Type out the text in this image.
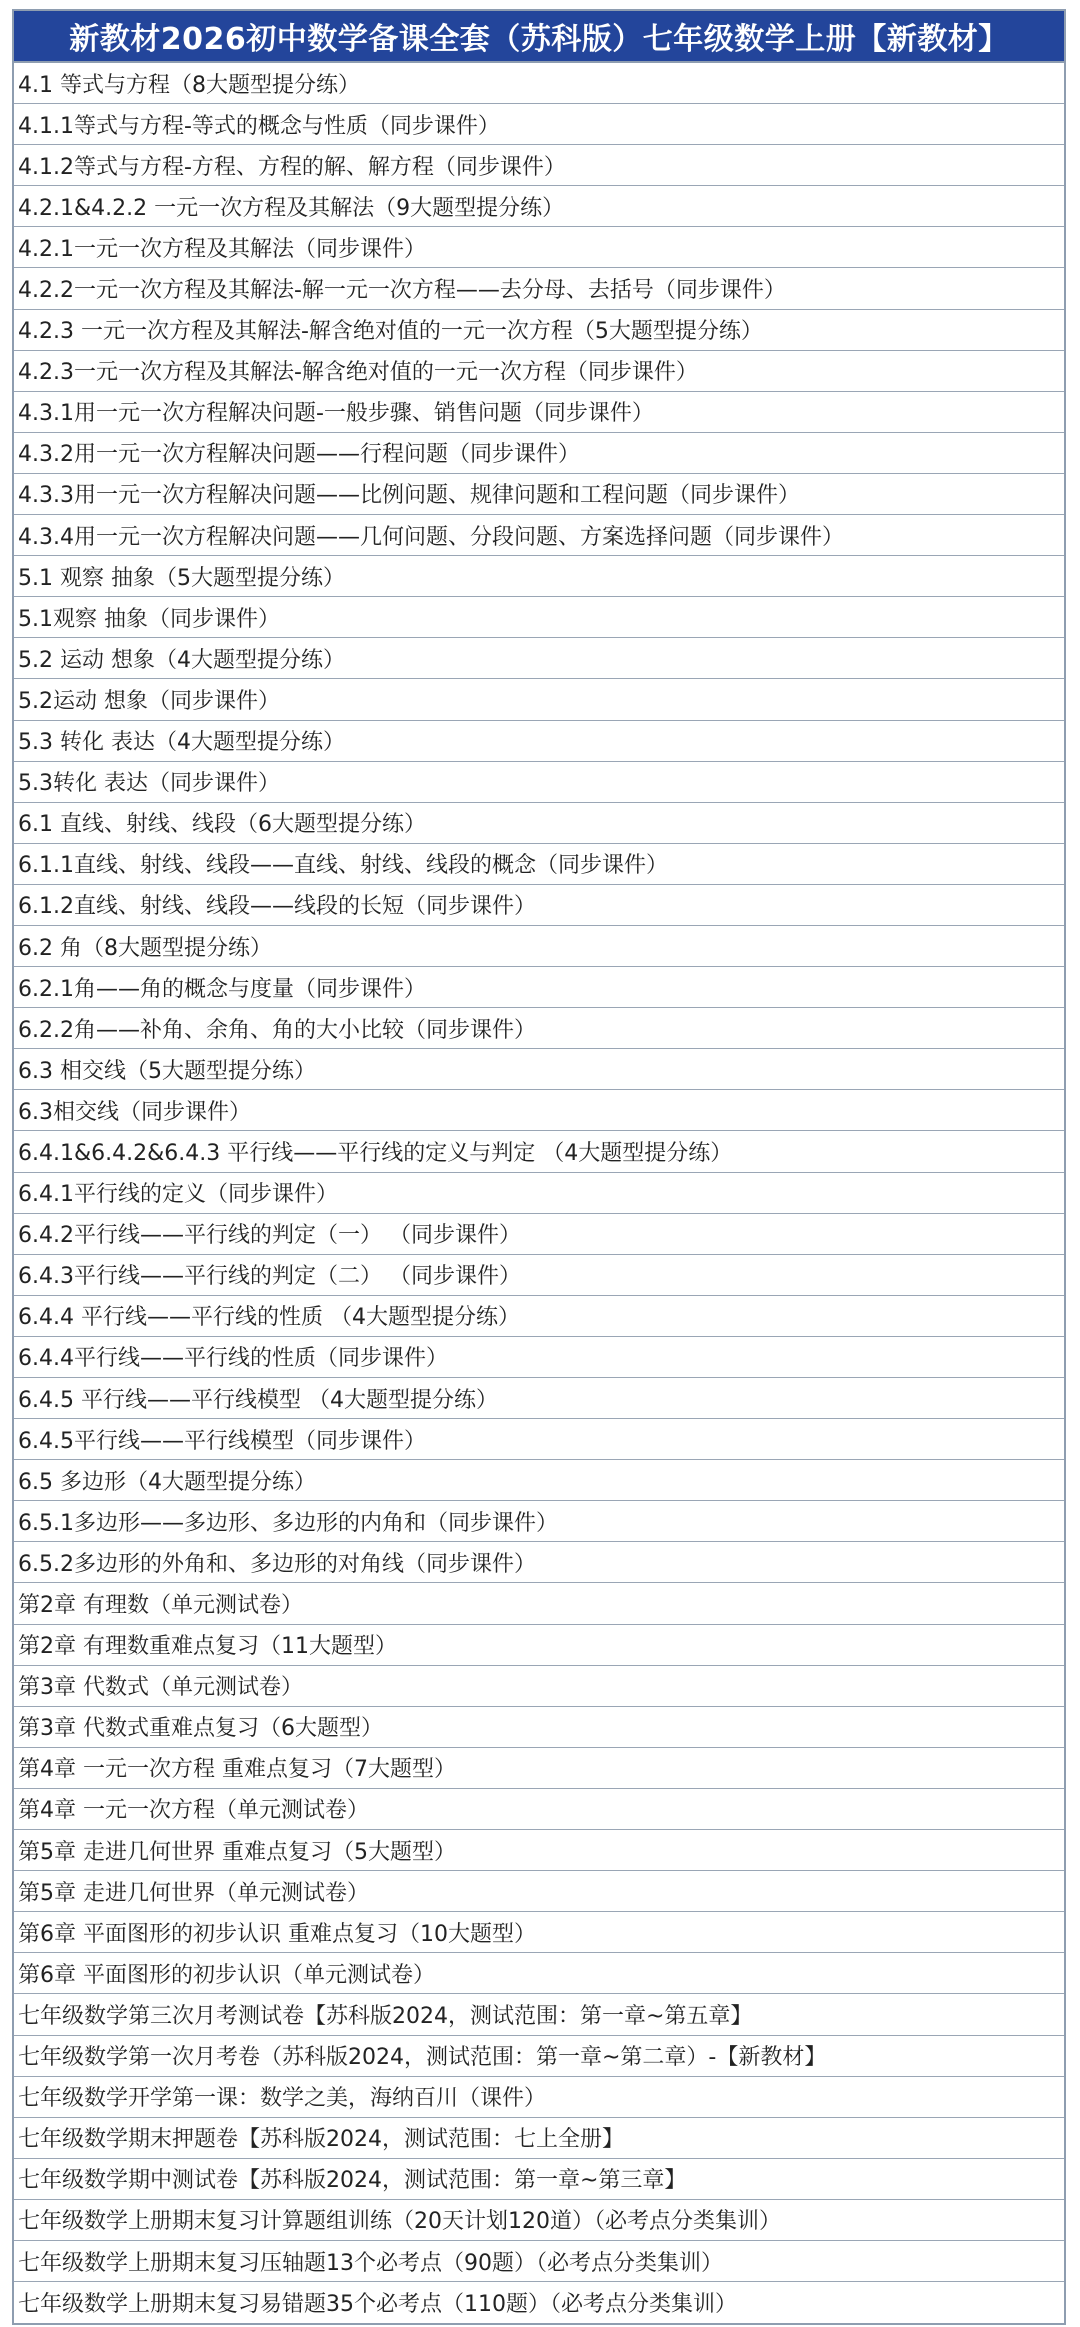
新教材2026初中数学备课全套（苏科版）七年级数学上册【新教材】
4.1 等式与方程（8大题型提分练）
4.1.1等式与方程-等式的概念与性质（同步课件）
4.1.2等式与方程-方程、方程的解、解方程（同步课件）
4.2.1&4.2.2 一元一次方程及其解法（9大题型提分练）
4.2.1一元一次方程及其解法（同步课件）
4.2.2一元一次方程及其解法-解一元一次方程——去分母、去括号（同步课件）
4.2.3 一元一次方程及其解法-解含绝对值的一元一次方程（5大题型提分练）
4.2.3一元一次方程及其解法-解含绝对值的一元一次方程（同步课件）
4.3.1用一元一次方程解决问题-一般步骤、销售问题（同步课件）
4.3.2用一元一次方程解决问题——行程问题（同步课件）
4.3.3用一元一次方程解决问题——比例问题、规律问题和工程问题（同步课件）
4.3.4用一元一次方程解决问题——几何问题、分段问题、方案选择问题（同步课件）
5.1 观察 抽象（5大题型提分练）
5.1观察 抽象（同步课件）
5.2 运动 想象（4大题型提分练）
5.2运动 想象（同步课件）
5.3 转化 表达（4大题型提分练）
5.3转化 表达（同步课件）
6.1 直线、射线、线段（6大题型提分练）
6.1.1直线、射线、线段——直线、射线、线段的概念（同步课件）
6.1.2直线、射线、线段——线段的长短（同步课件）
6.2 角（8大题型提分练）
6.2.1角——角的概念与度量（同步课件）
6.2.2角——补角、余角、角的大小比较（同步课件）
6.3 相交线（5大题型提分练）
6.3相交线（同步课件）
6.4.1&6.4.2&6.4.3 平行线——平行线的定义与判定 （4大题型提分练）
6.4.1平行线的定义（同步课件）
6.4.2平行线——平行线的判定（一） （同步课件）
6.4.3平行线——平行线的判定（二） （同步课件）
6.4.4 平行线——平行线的性质 （4大题型提分练）
6.4.4平行线——平行线的性质（同步课件）
6.4.5 平行线——平行线模型 （4大题型提分练）
6.4.5平行线——平行线模型（同步课件）
6.5 多边形（4大题型提分练）
6.5.1多边形——多边形、多边形的内角和（同步课件）
6.5.2多边形的外角和、多边形的对角线（同步课件）
第2章 有理数（单元测试卷）
第2章 有理数重难点复习（11大题型）
第3章 代数式（单元测试卷）
第3章 代数式重难点复习（6大题型）
第4章 一元一次方程 重难点复习（7大题型）
第4章 一元一次方程（单元测试卷）
第5章 走进几何世界 重难点复习（5大题型）
第5章 走进几何世界（单元测试卷）
第6章 平面图形的初步认识 重难点复习（10大题型）
第6章 平面图形的初步认识（单元测试卷）
七年级数学第三次月考测试卷【苏科版2024，测试范围：第一章~第五章】
七年级数学第一次月考卷（苏科版2024，测试范围：第一章~第二章）-【新教材】
七年级数学开学第一课：数学之美，海纳百川（课件）
七年级数学期末押题卷【苏科版2024，测试范围：七上全册】
七年级数学期中测试卷【苏科版2024，测试范围：第一章~第三章】
七年级数学上册期末复习计算题组训练（20天计划120道）（必考点分类集训）
七年级数学上册期末复习压轴题13个必考点（90题）（必考点分类集训）
七年级数学上册期末复习易错题35个必考点（110题）（必考点分类集训）
